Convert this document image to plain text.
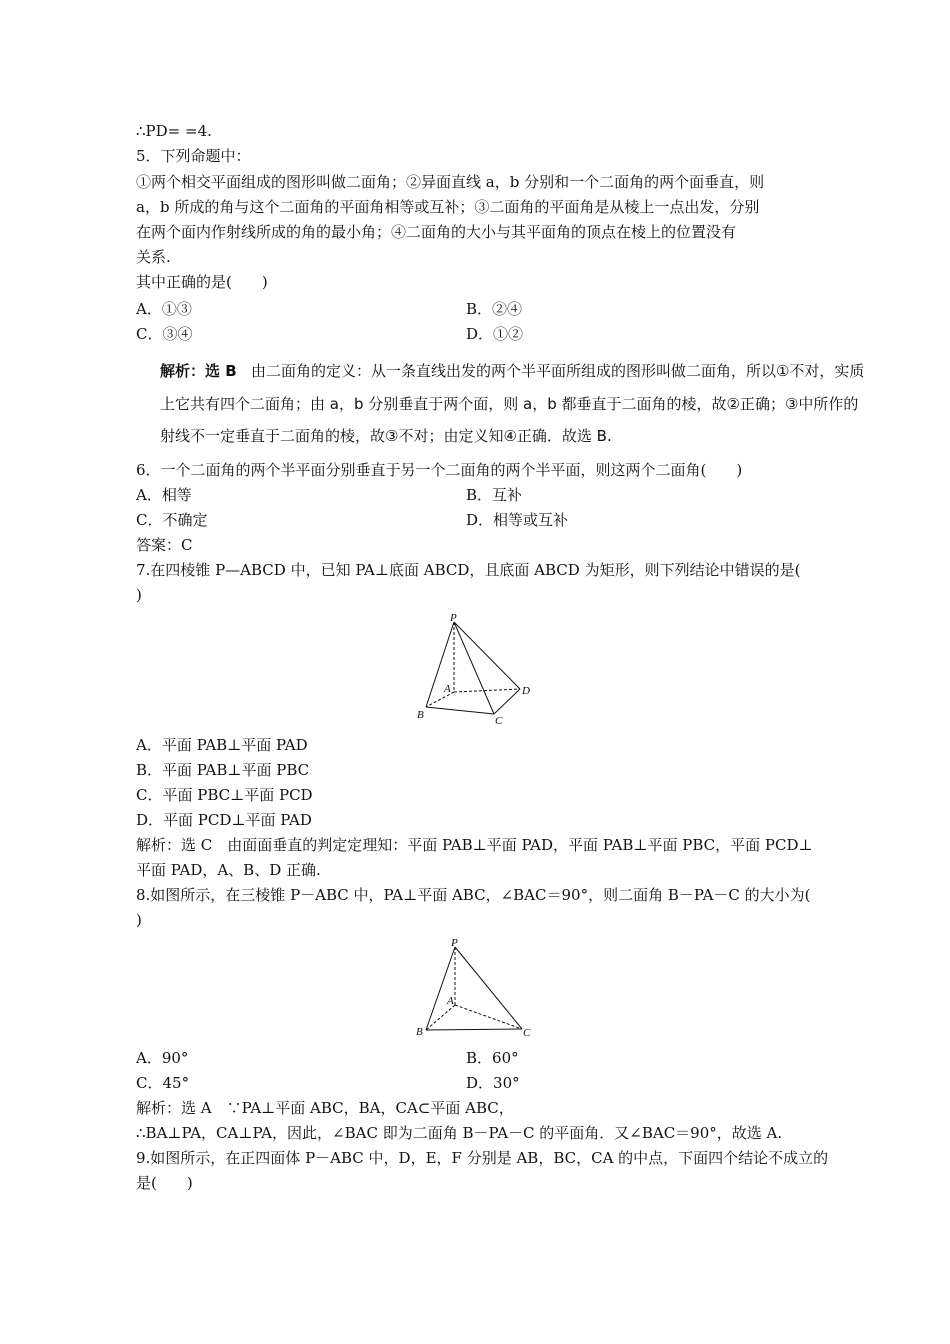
∴PD= =4.
5．下列命题中：
①两个相交平面组成的图形叫做二面角；②异面直线 a，b 分别和一个二面角的两个面垂直，则
a，b 所成的角与这个二面角的平面角相等或互补；③二面角的平面角是从棱上一点出发，分别
在两个面内作射线所成的角的最小角；④二面角的大小与其平面角的顶点在棱上的位置没有
关系.
其中正确的是(　　)
A．①③	B．②④
C．③④	D．①②
解析：选 B 由二面角的定义：从一条直线出发的两个半平面所组成的图形叫做二面角，所以①不对，实质
上它共有四个二面角；由 a，b 分别垂直于两个面，则 a，b 都垂直于二面角的棱，故②正确；③中所作的
射线不一定垂直于二面角的棱，故③不对；由定义知④正确．故选 B.
6．一个二面角的两个半平面分别垂直于另一个二面角的两个半平面，则这两个二面角(　　)
A．相等	B．互补
C．不确定	D．相等或互补
答案：C
7.在四棱锥 P—ABCD 中，已知 PA⊥底面 ABCD，且底面 ABCD 为矩形，则下列结论中错误的是(
)
P
A
B	C
D
A．平面 PAB⊥平面 PAD
B．平面 PAB⊥平面 PBC
C．平面 PBC⊥平面 PCD
D．平面 PCD⊥平面 PAD
解析：选 C　由面面垂直的判定定理知：平面 PAB⊥平面 PAD，平面 PAB⊥平面 PBC，平面 PCD⊥
平面 PAD，A、B、D 正确.
8.如图所示，在三棱锥 P－ABC 中，PA⊥平面 ABC，∠BAC＝90°，则二面角 B－PA－C 的大小为(
)
P
A
B	C
A．90°	B．60°
C．45°	D．30°
解析：选 A　∵PA⊥平面 ABC，BA，CA⊂平面 ABC，
∴BA⊥PA，CA⊥PA，因此，∠BAC 即为二面角 B－PA－C 的平面角．又∠BAC＝90°，故选 A.
9.如图所示，在正四面体 P－ABC 中，D，E，F 分别是 AB，BC，CA 的中点，下面四个结论不成立的
是(　　)
